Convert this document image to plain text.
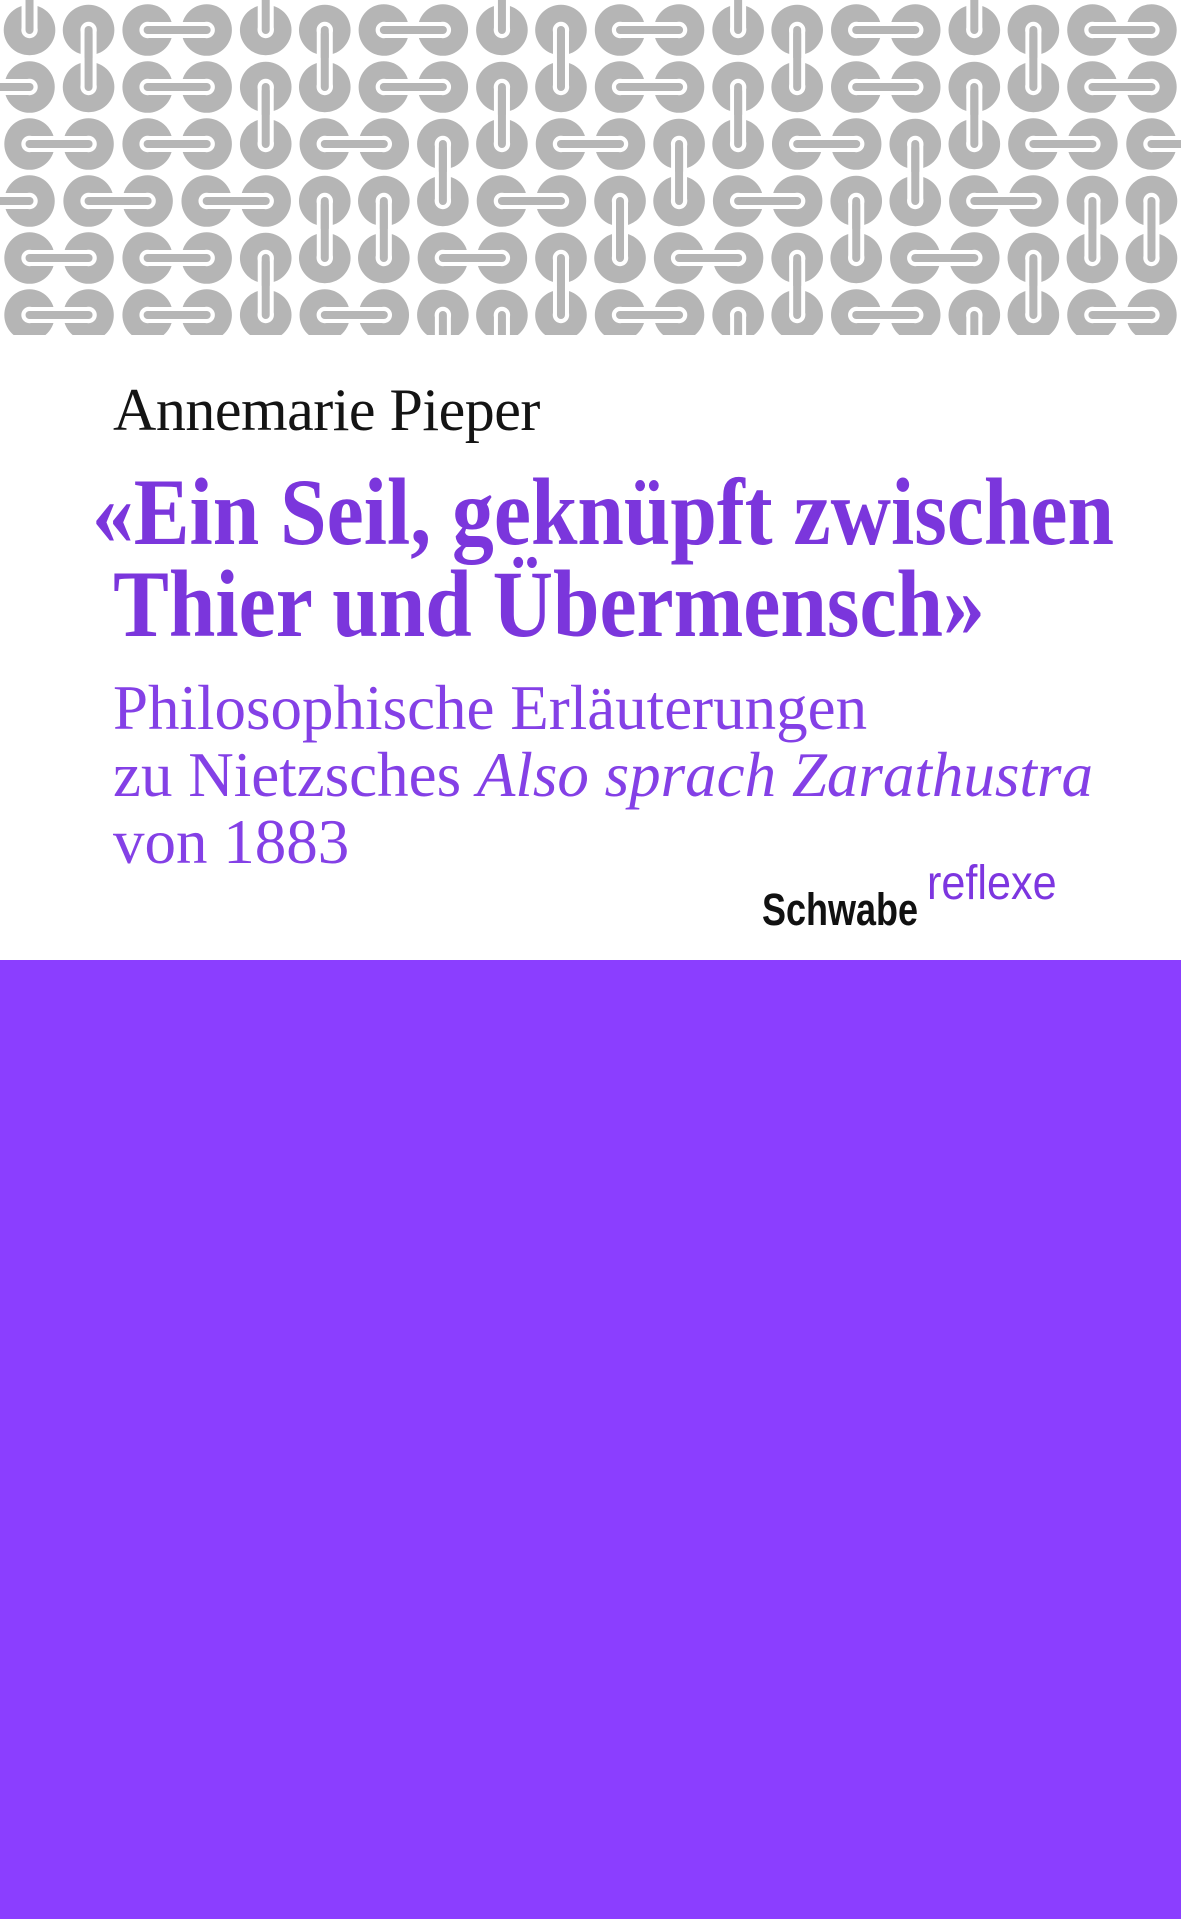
Annemarie Pieper
«Ein Seil, geknüpft zwischen
Thier und Übermensch»
Philosophische Erläuterungen
zu Nietzsches Also sprach Zarathustra
von 1883
Schwabe reflexe
